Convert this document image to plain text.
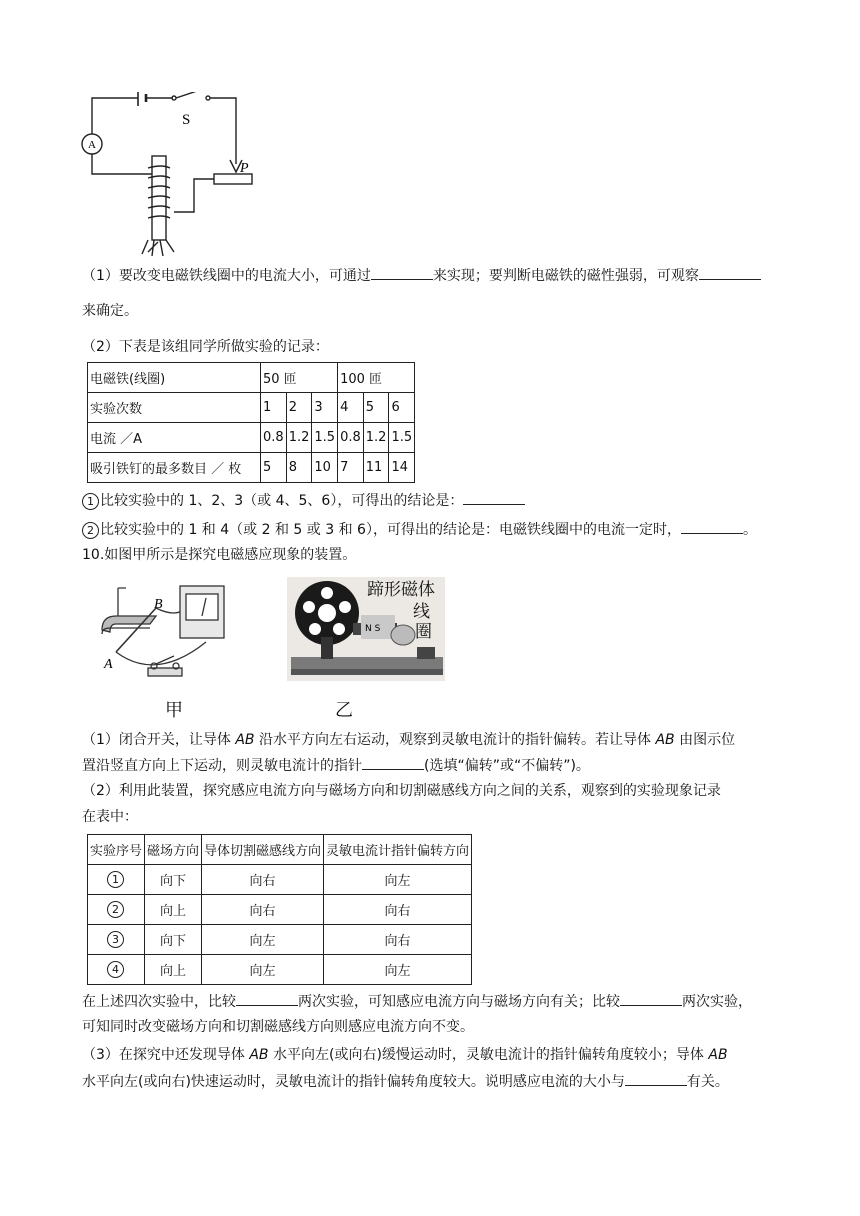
A
S
P
（1）要改变电磁铁线圈中的电流大小，可通过	来实现；要判断电磁铁的磁性强弱，可观察
来确定。
（2）下表是该组同学所做实验的记录：
电磁铁(线圈)	50 匝			100 匝		
实验次数	1	2	3	4	5	6
电流 ／A	0.8	1.2	1.5	0.8	1.2	1.5
吸引铁钉的最多数目 ／ 枚	5	8	10	7	11	14
1 比较实验中的 1、2、3（或 4、5、6），可得出的结论是：
2 比较实验中的 1 和 4（或 2 和 5 或 3 和 6），可得出的结论是：电磁铁线圈中的电流一定时，	。
10.如图甲所示是探究电磁感应现象的装置。
A
B
甲
N S
蹄形磁体
线
圈
乙
（1）闭合开关，让导体 AB 沿水平方向左右运动，观察到灵敏电流计的指针偏转。若让导体 AB 由图示位
置沿竖直方向上下运动，则灵敏电流计的指针	(选填“偏转”或“不偏转”)。
（2）利用此装置，探究感应电流方向与磁场方向和切割磁感线方向之间的关系，观察到的实验现象记录
在表中：
实验序号	磁场方向	导体切割磁感线方向	灵敏电流计指针偏转方向
1	向下	向右	向左
2	向上	向右	向右
3	向下	向左	向右
4	向上	向左	向左
在上述四次实验中，比较	两次实验，可知感应电流方向与磁场方向有关；比较	两次实验，
可知同时改变磁场方向和切割磁感线方向则感应电流方向不变。
（3）在探究中还发现导体 AB 水平向左(或向右)缓慢运动时，灵敏电流计的指针偏转角度较小；导体 AB
水平向左(或向右)快速运动时，灵敏电流计的指针偏转角度较大。说明感应电流的大小与	有关。
